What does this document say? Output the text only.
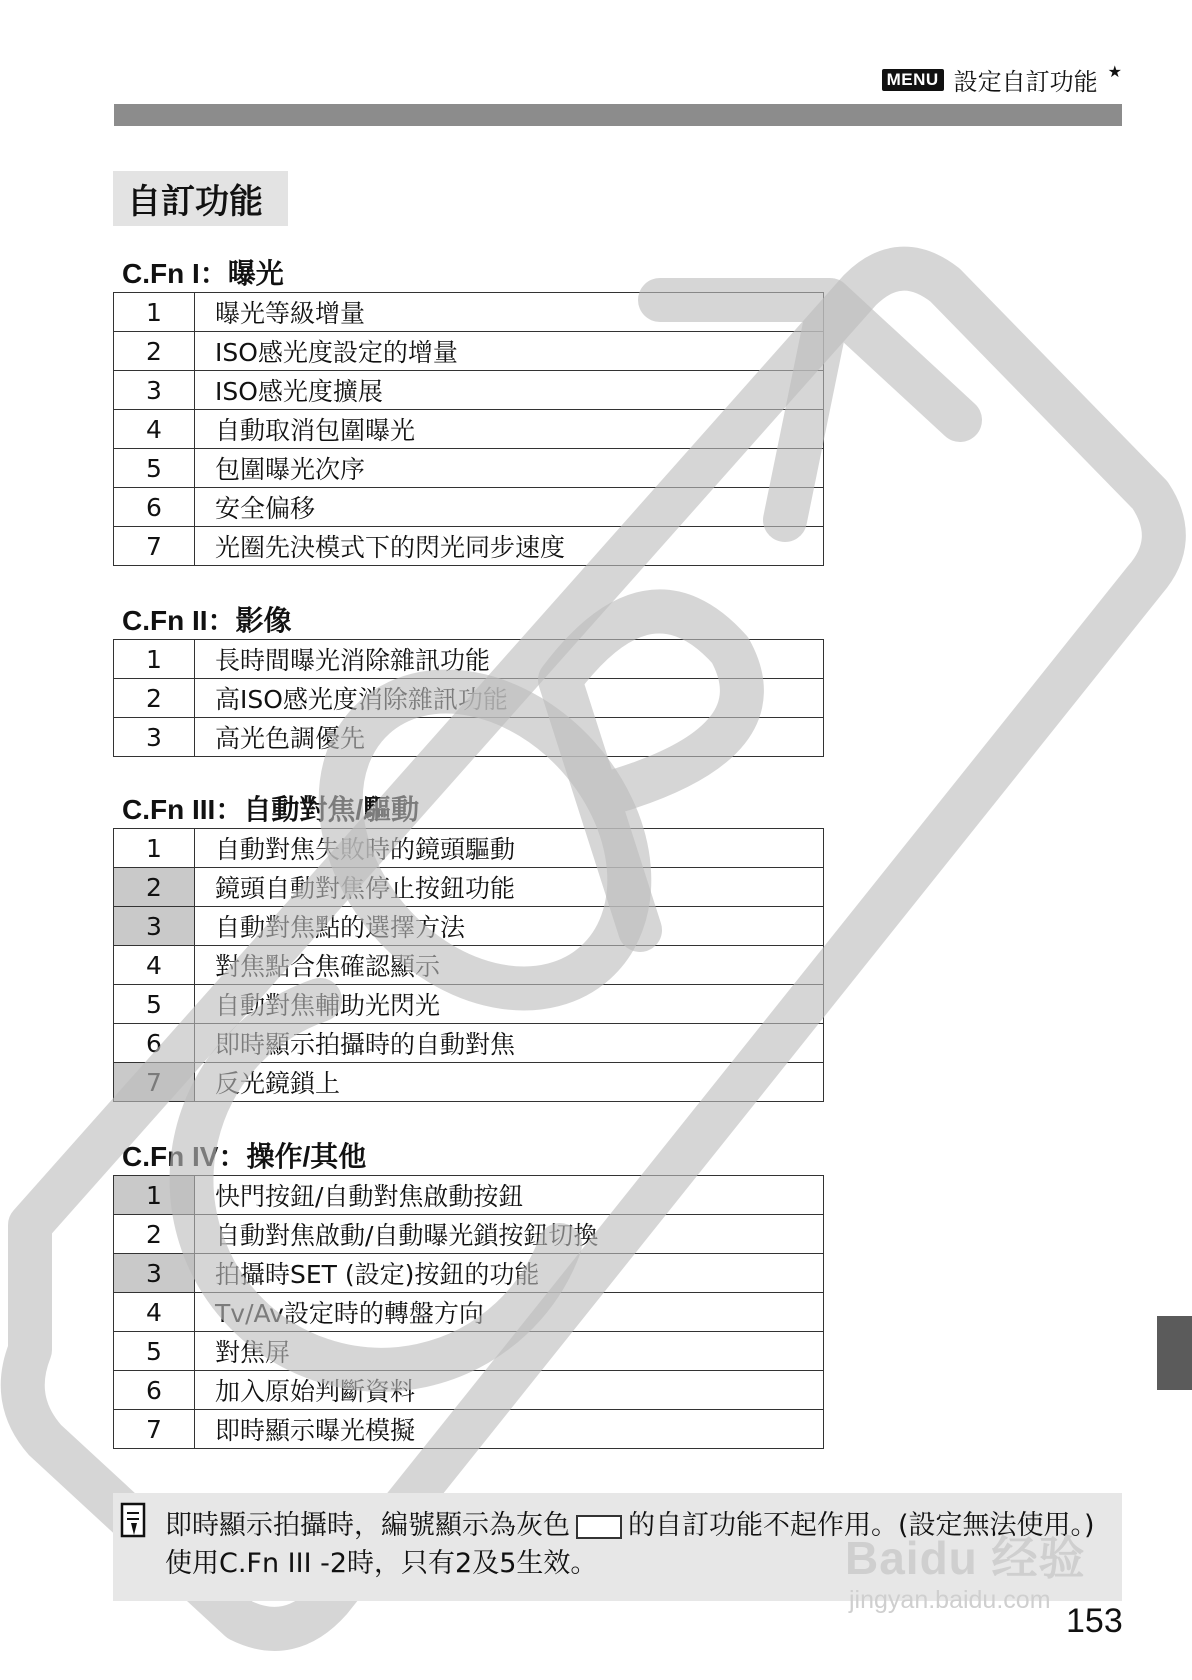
MENU 設定自訂功能 ★
自訂功能
C.Fn I：曝光
1	曝光等級增量
2	ISO感光度設定的增量
3	ISO感光度擴展
4	自動取消包圍曝光
5	包圍曝光次序
6	安全偏移
7	光圈先決模式下的閃光同步速度
C.Fn II：影像
1	長時間曝光消除雜訊功能
2	高ISO感光度消除雜訊功能
3	高光色調優先
C.Fn III：自動對焦/驅動
1	自動對焦失敗時的鏡頭驅動
2	鏡頭自動對焦停止按鈕功能
3	自動對焦點的選擇方法
4	對焦點合焦確認顯示
5	自動對焦輔助光閃光
6	即時顯示拍攝時的自動對焦
7	反光鏡鎖上
C.Fn IV：操作/其他
1	快門按鈕/自動對焦啟動按鈕
2	自動對焦啟動/自動曝光鎖按鈕切換
3	拍攝時SET (設定)按鈕的功能
4	Tv/Av設定時的轉盤方向
5	對焦屏
6	加入原始判斷資料
7	即時顯示曝光模擬
即時顯示拍攝時，編號顯示為灰色 的自訂功能不起作用。(設定無法使用。) 使用C.Fn III -2時，只有2及5生效。	Baidu 经验
jingyan.baidu.com
153
